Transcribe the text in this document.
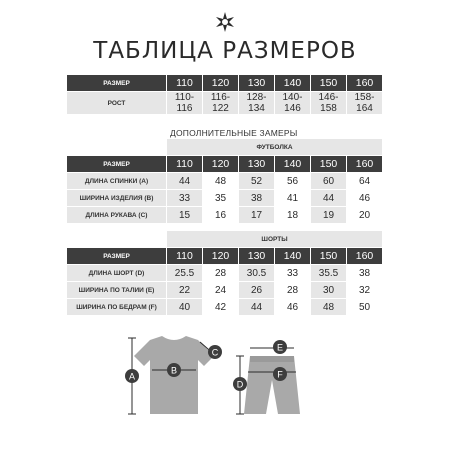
ТАБЛИЦА РАЗМЕРОВ
РАЗМЕР	110	120	130	140	150	160
РОСТ	110-116	116-122	128-134	140-146	146-158	158-164
ДОПОЛНИТЕЛЬНЫЕ ЗАМЕРЫ
	ФУТБОЛКА					
РАЗМЕР	110	120	130	140	150	160
ДЛИНА СПИНКИ (А)	44	48	52	56	60	64
ШИРИНА ИЗДЕЛИЯ (В)	33	35	38	41	44	46
ДЛИНА РУКАВА (С)	15	16	17	18	19	20
	ШОРТЫ					
РАЗМЕР	110	120	130	140	150	160
ДЛИНА ШОРТ (D)	25.5	28	30.5	33	35.5	38
ШИРИНА ПО ТАЛИИ (Е)	22	24	26	28	30	32
ШИРИНА ПО БЕДРАМ (F)	40	42	44	46	48	50
A
B
C	E
D
F
